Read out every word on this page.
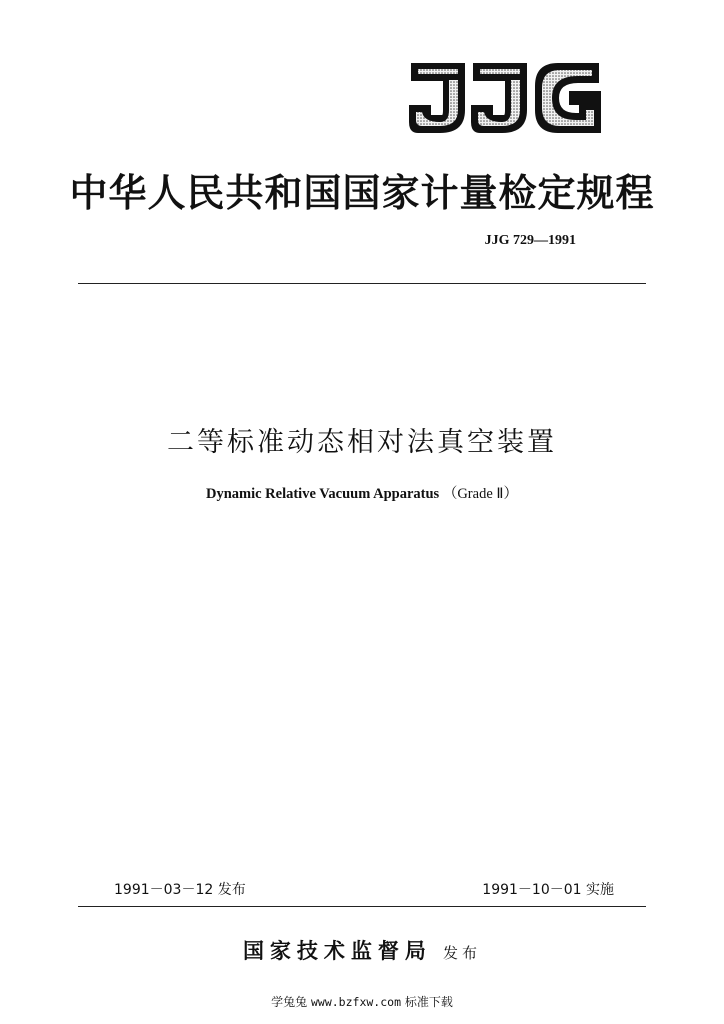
中华人民共和国国家计量检定规程
JJG 729—1991
二等标准动态相对法真空装置
Dynamic Relative Vacuum Apparatus （Grade Ⅱ）
1991－03－12 发布	1991－10－01 实施
国家技术监督局 发布
学兔兔 www.bzfxw.com 标准下载
